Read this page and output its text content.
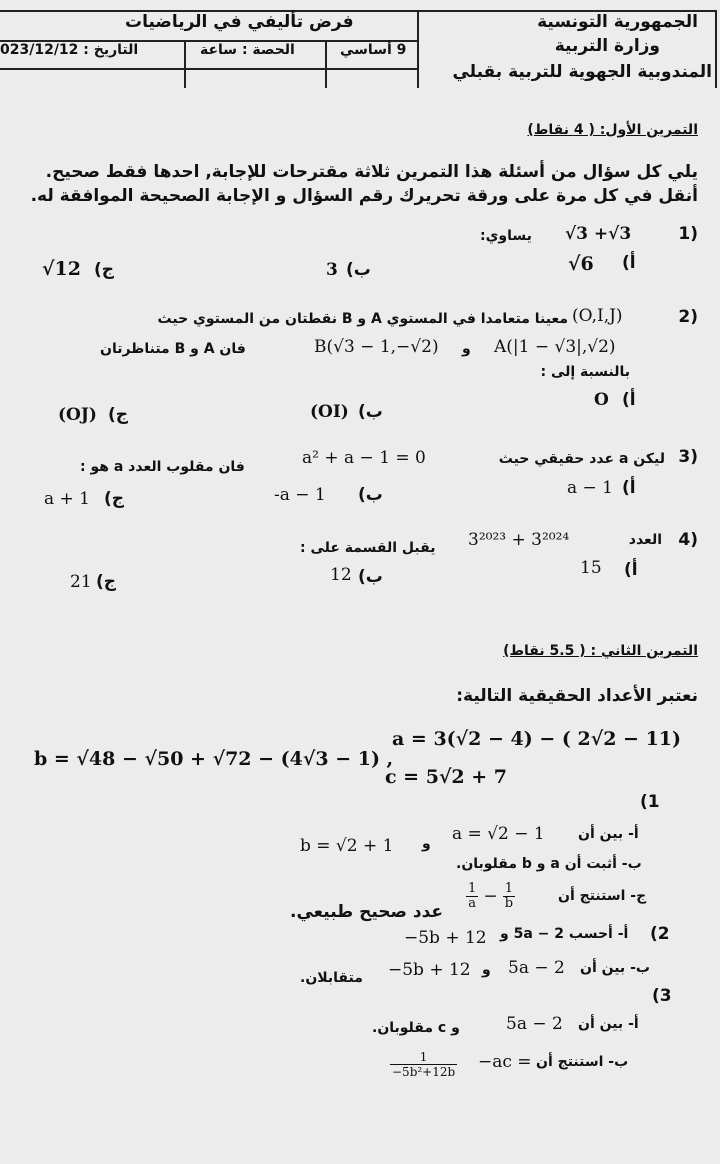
الجمهورية التونسية
وزارة التربية
المندوبية الجهوية للتربية بقبلي
فرض تأليفي في الرياضيات
9 أساسي
الحصة : ساعة
التاريخ : 023/12/12
التمرين الأول: ( 4 نقاط)
يلي كل سؤال من أسئلة هذا التمرين ثلاثة مقترحات للإجابة, احدها فقط صحيح.
أنقل في كل مرة على ورقة تحريرك رقم السؤال و الإجابة الصحيحة الموافقة له.
1)
√3 +√3
يساوي:
أ)
√6
ب)
3
ج)
√12
2)
(O,I,J)
معينا متعامدا في المستوي A و B نقطتان من المستوي حيث
A(|1 − √3|,√2)
و
B(√3 − 1,−√2)
فان A و B متناظرتان
بالنسبة إلى :
أ)
O
ب)
(OI)
ج)
(OJ)
3)
ليكن a عدد حقيقي حيث
a² + a − 1 = 0
فان مقلوب العدد a هو :
أ)
a − 1
ب)
-a − 1
ج)
a + 1
4)
العدد
3²⁰²³ + 3²⁰²⁴
يقبل القسمة على :
أ)
15
ب)
12
ج)
21
التمرين الثاني : ( 5.5 نقاط)
نعتبر الأعداد الحقيقية التالية:
a = 3(√2 − 4) − ( 2√2 − 11)
b = √48 − √50 + √72 − (4√3 − 1) ,
c = 5√2 + 7
(1
أ- بين أن
a = √2 − 1
و
b = √2 + 1
ب- أثبت أن a و b مقلوبان.
ج- استنتج أن
$\frac{1}{a} - \frac{1}{b}$
عدد صحيح طبيعي.
(2
أ- أحسب 2 − 5a و
−5b + 12
ب- بين أن
5a − 2
و
−5b + 12
متقابلان.
(3
أ- بين أن
5a − 2
و c مقلوبان.
ب- استنتج أن
−ac =
$\frac{1}{\text{−5b²+12b}}$
